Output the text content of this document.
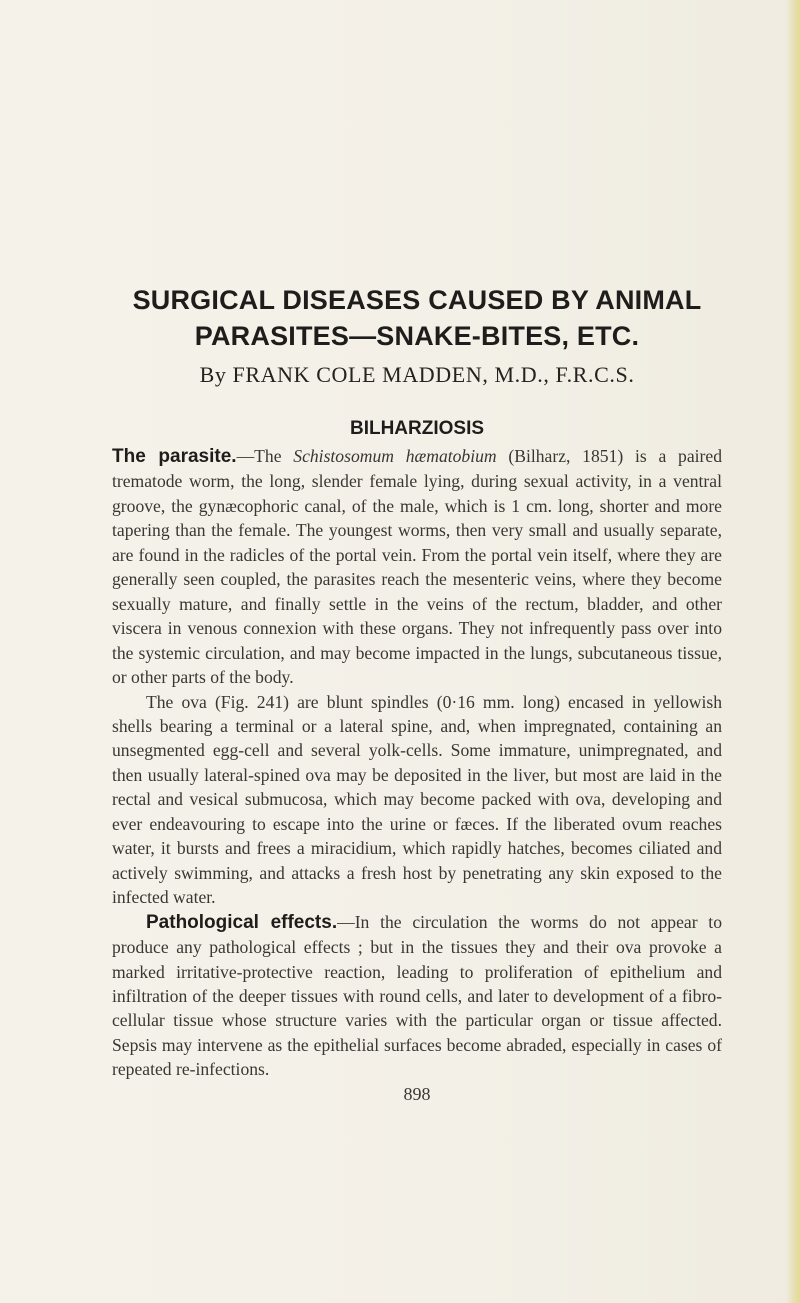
SURGICAL DISEASES CAUSED BY ANIMAL
PARASITES—SNAKE-BITES, ETC.

By FRANK COLE MADDEN, M.D., F.R.C.S.

BILHARZIOSIS

The parasite.—The Schistosomum hæmatobium (Bilharz, 1851) is a paired trematode worm, the long, slender female lying, during sexual activity, in a ventral groove, the gynæcophoric canal, of the male, which is 1 cm. long, shorter and more tapering than the female. The youngest worms, then very small and usually separate, are found in the radicles of the portal vein. From the portal vein itself, where they are generally seen coupled, the parasites reach the mesenteric veins, where they become sexually mature, and finally settle in the veins of the rectum, bladder, and other viscera in venous connexion with these organs. They not infrequently pass over into the systemic circulation, and may become impacted in the lungs, subcutaneous tissue, or other parts of the body.

The ova (Fig. 241) are blunt spindles (0·16 mm. long) encased in yellowish shells bearing a terminal or a lateral spine, and, when impregnated, containing an unsegmented egg-cell and several yolk-cells. Some immature, unimpregnated, and then usually lateral-spined ova may be deposited in the liver, but most are laid in the rectal and vesical submucosa, which may become packed with ova, developing and ever endeavouring to escape into the urine or fæces. If the liberated ovum reaches water, it bursts and frees a miracidium, which rapidly hatches, becomes ciliated and actively swimming, and attacks a fresh host by penetrating any skin exposed to the infected water.

Pathological effects.—In the circulation the worms do not appear to produce any pathological effects ; but in the tissues they and their ova provoke a marked irritative-protective reaction, leading to proliferation of epithelium and infiltration of the deeper tissues with round cells, and later to development of a fibro-cellular tissue whose structure varies with the particular organ or tissue affected. Sepsis may intervene as the epithelial surfaces become abraded, especially in cases of repeated re-infections.

898
